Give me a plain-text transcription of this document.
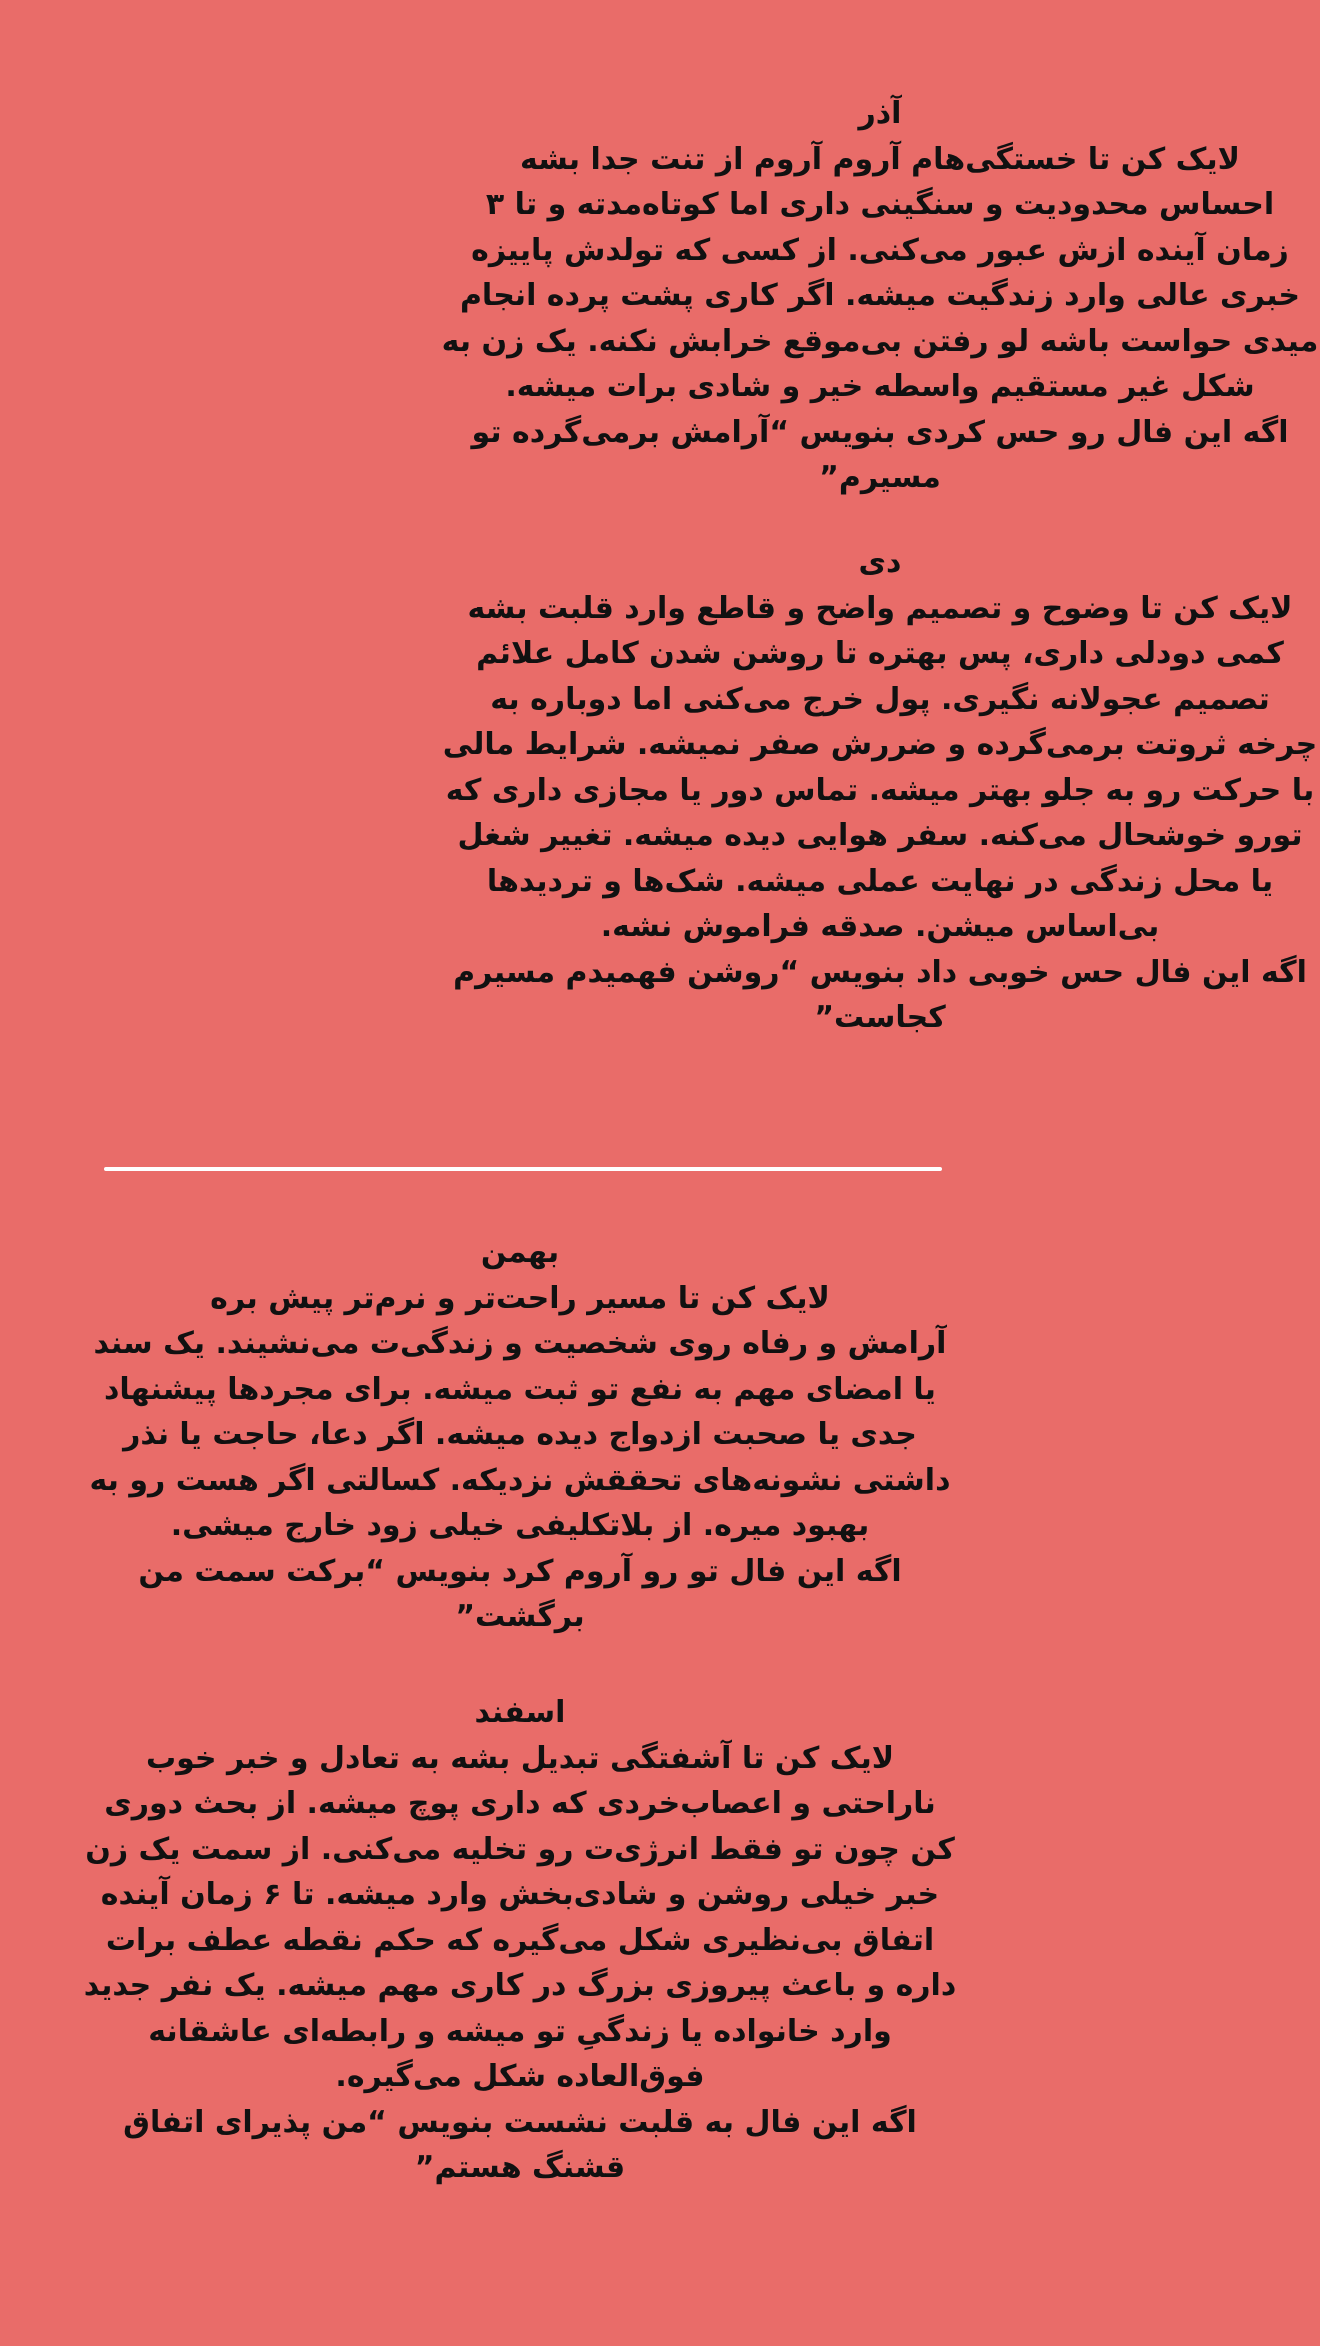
آذر

لایک کن تا خستگی‌هام آروم آروم از تنت جدا بشه

احساس محدودیت و سنگینی داری اما کوتاه‌مدته و تا ۳

زمان آینده ازش عبور می‌کنی. از کسی که تولدش پاییزه

خبری عالی وارد زندگیت میشه. اگر کاری پشت پرده انجام

میدی حواست باشه لو رفتن بی‌موقع خرابش نکنه. یک زن به

شکل غیر مستقیم واسطه خیر و شادی برات میشه.

اگه این فال رو حس کردی بنویس “آرامش برمی‌گرده تو

مسیرم”

دی

لایک کن تا وضوح و تصمیم واضح و قاطع وارد قلبت بشه

کمی دودلی داری، پس بهتره تا روشن شدن کامل علائم

تصمیم عجولانه نگیری. پول خرج می‌کنی اما دوباره به

چرخه ثروتت برمی‌گرده و ضررش صفر نمیشه. شرایط مالی

با حرکت رو به جلو بهتر میشه. تماس دور یا مجازی داری که

تورو خوشحال می‌کنه. سفر هوایی دیده میشه. تغییر شغل

یا محل زندگی در نهایت عملی میشه. شک‌ها و تردیدها

بی‌اساس میشن. صدقه فراموش نشه.

اگه این فال حس خوبی داد بنویس “روشن فهمیدم مسیرم

کجاست”

بهمن

لایک کن تا مسیر راحت‌تر و نرم‌تر پیش بره

آرامش و رفاه روی شخصیت و زندگی‌ت می‌نشیند. یک سند

یا امضای مهم به نفع تو ثبت میشه. برای مجردها پیشنهاد

جدی یا صحبت ازدواج دیده میشه. اگر دعا، حاجت یا نذر

داشتی نشونه‌های تحققش نزدیکه. کسالتی اگر هست رو به

بهبود میره. از بلاتکلیفی خیلی زود خارج میشی.

اگه این فال تو رو آروم کرد بنویس “برکت سمت من

برگشت”

اسفند

لایک کن تا آشفتگی تبدیل بشه به تعادل و خبر خوب

ناراحتی و اعصاب‌خردی که داری پوچ میشه. از بحث دوری

کن چون تو فقط انرژی‌ت رو تخلیه می‌کنی. از سمت یک زن

خبر خیلی روشن و شادی‌بخش وارد میشه. تا ۶ زمان آینده

اتفاق بی‌نظیری شکل می‌گیره که حکم نقطه عطف برات

داره و باعث پیروزی بزرگ در کاری مهم میشه. یک نفر جدید

وارد خانواده یا زندگیِ تو میشه و رابطه‌ای عاشقانه

فوق‌العاده شکل می‌گیره.

اگه این فال به قلبت نشست بنویس “من پذیرای اتفاق

قشنگ هستم”
